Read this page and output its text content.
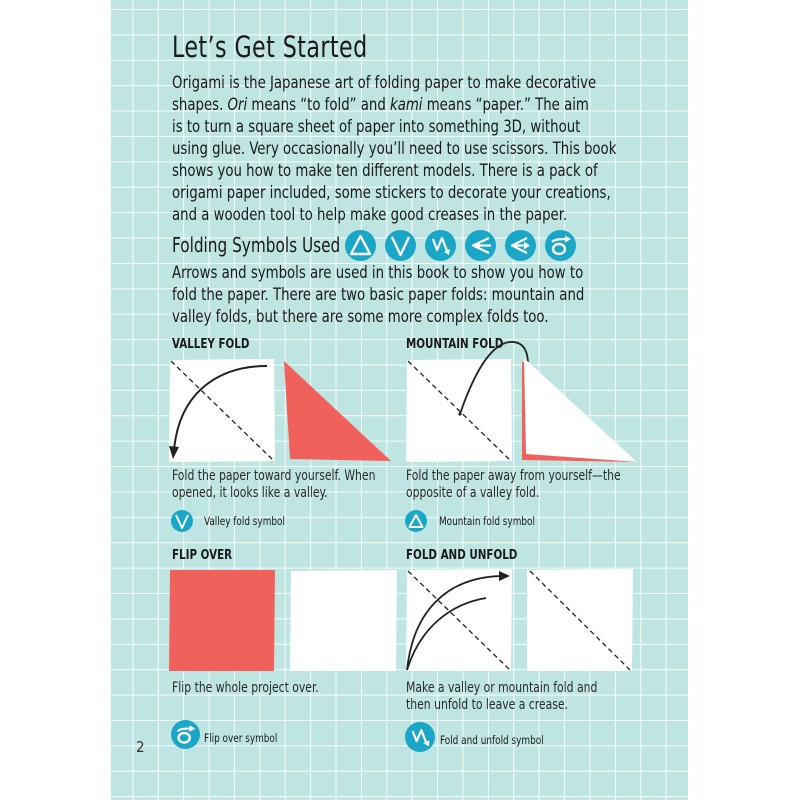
Let’s Get Started

Origami is the Japanese art of folding paper to make decorative

shapes. Ori means “to fold” and kami means “paper.” The aim

is to turn a square sheet of paper into something 3D, without

using glue. Very occasionally you’ll need to use scissors. This book

shows you how to make ten different models. There is a pack of

origami paper included, some stickers to decorate your creations,

and a wooden tool to help make good creases in the paper.

Folding Symbols Used

Arrows and symbols are used in this book to show you how to

fold the paper. There are two basic paper folds: mountain and

valley folds, but there are some more complex folds too.

VALLEY FOLD

Fold the paper toward yourself. When

opened, it looks like a valley.

Valley fold symbol
MOUNTAIN FOLD

Fold the paper away from yourself—the

opposite of a valley fold.

Mountain fold symbol
FLIP OVER

Flip the whole project over.

Flip over symbol
FOLD AND UNFOLD

Make a valley or mountain fold and

then unfold to leave a crease.

Fold and unfold symbol
2
